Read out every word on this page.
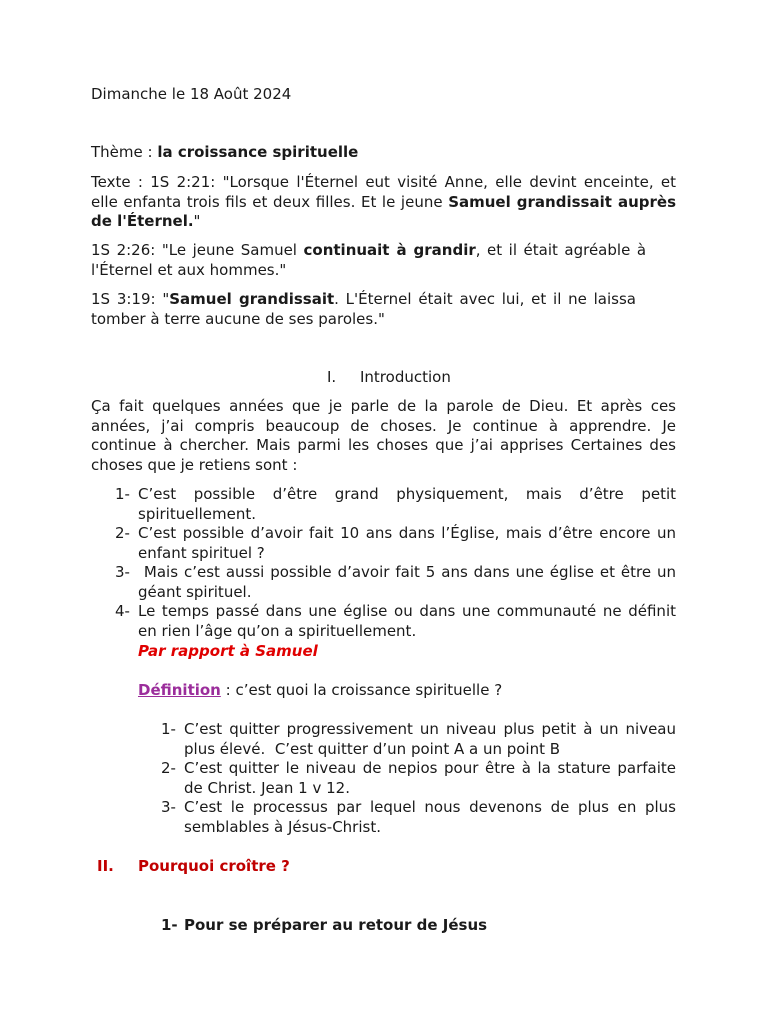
Dimanche le 18 Août 2024
Thème : la croissance spirituelle
Texte : 1S 2:21: "Lorsque l'Éternel eut visité Anne, elle devint enceinte, et elle enfanta trois fils et deux filles. Et le jeune Samuel grandissait auprès de l'Éternel."
1S 2:26: "Le jeune Samuel continuait à grandir, et il était agréable à l'Éternel et aux hommes."
1S 3:19: "Samuel grandissait. L'Éternel était avec lui, et il ne laissa tomber à terre aucune de ses paroles."
I. Introduction
Ça fait quelques années que je parle de la parole de Dieu. Et après ces années, j’ai compris beaucoup de choses. Je continue à apprendre. Je continue à chercher. Mais parmi les choses que j’ai apprises Certaines des choses que je retiens sont :
1- C’est possible d’être grand physiquement, mais d’être petit spirituellement.
2- C’est possible d’avoir fait 10 ans dans l’Église, mais d’être encore un enfant spirituel ?
3- Mais c’est aussi possible d’avoir fait 5 ans dans une église et être un géant spirituel.
4- Le temps passé dans une église ou dans une communauté ne définit en rien l’âge qu’on a spirituellement.
Par rapport à Samuel
Définition : c’est quoi la croissance spirituelle ?
1- C’est quitter progressivement un niveau plus petit à un niveau plus élevé.  C’est quitter d’un point A a un point B
2- C’est quitter le niveau de nepios pour être à la stature parfaite de Christ. Jean 1 v 12.
3- C’est le processus par lequel nous devenons de plus en plus semblables à Jésus-Christ.
II. Pourquoi croître ?
1- Pour se préparer au retour de Jésus
